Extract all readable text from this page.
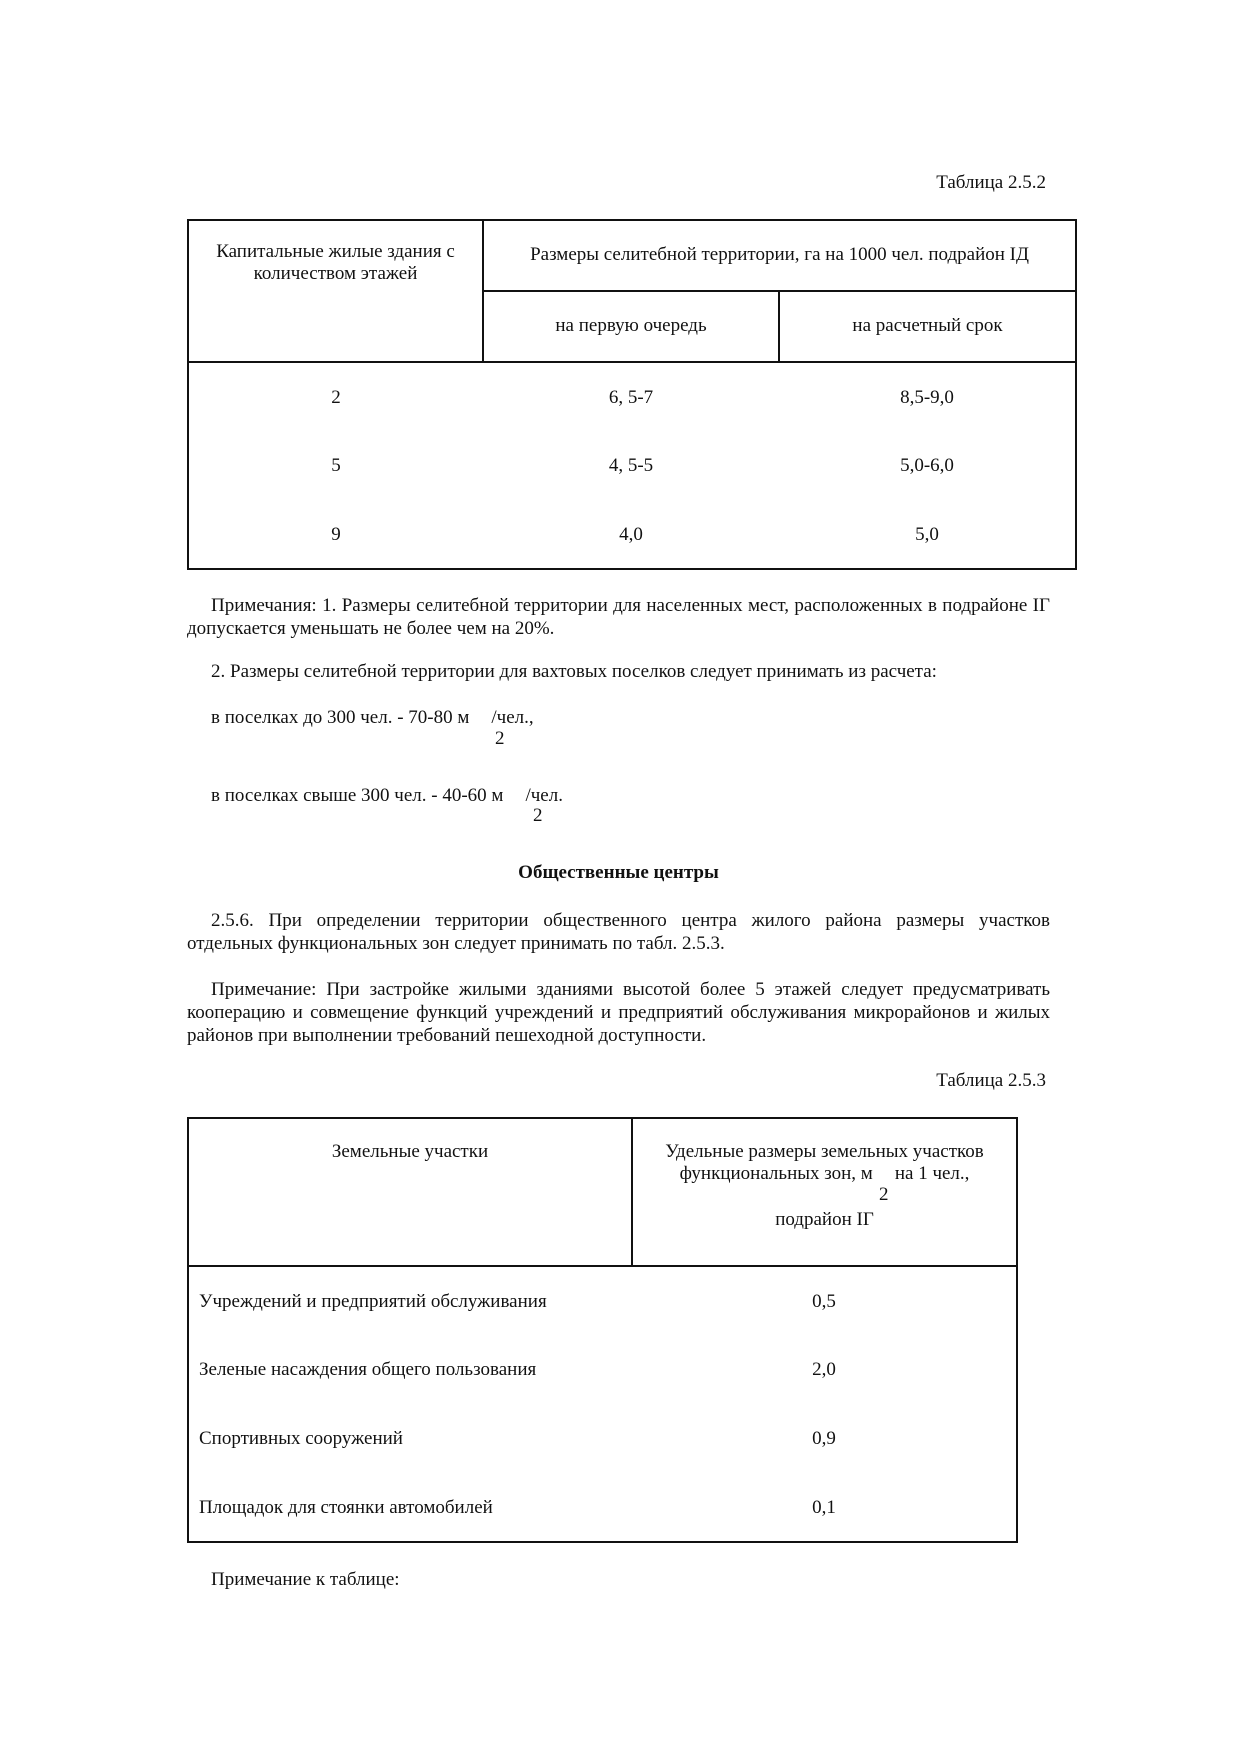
Таблица 2.5.2
Капитальные жилые здания с количеством этажей	Размеры селитебной территории, га на 1000 чел. подрайон IД	

	на первую очередь	на расчетный срок

2	6, 5-7	8,5-9,0

5	4, 5-5	5,0-6,0

9	4,0	5,0
Примечания: 1. Размеры селитебной территории для населенных мест, расположенных в подрайоне IГ допускается уменьшать не более чем на 20%.
2. Размеры селитебной территории для вахтовых поселков следует принимать из расчета:
в поселках до 300 чел. - 70-80 м /чел.,
2
в поселках свыше 300 чел. - 40-60 м /чел.
2
Общественные центры
2.5.6. При определении территории общественного центра жилого района размеры участков отдельных функциональных зон следует принимать по табл. 2.5.3.
Примечание: При застройке жилыми зданиями высотой более 5 этажей следует предусматривать кооперацию и совмещение функций учреждений и предприятий обслуживания микрорайонов и жилых районов при выполнении требований пешеходной доступности.
Таблица 2.5.3
Земельные участки	Удельные размеры земельных участков
функциональных зон, м на 1 чел.,
2
подрайон IГ

Учреждений и предприятий обслуживания	0,5

Зеленые насаждения общего пользования	2,0

Спортивных сооружений	0,9

Площадок для стоянки автомобилей	0,1
Примечание к таблице:
